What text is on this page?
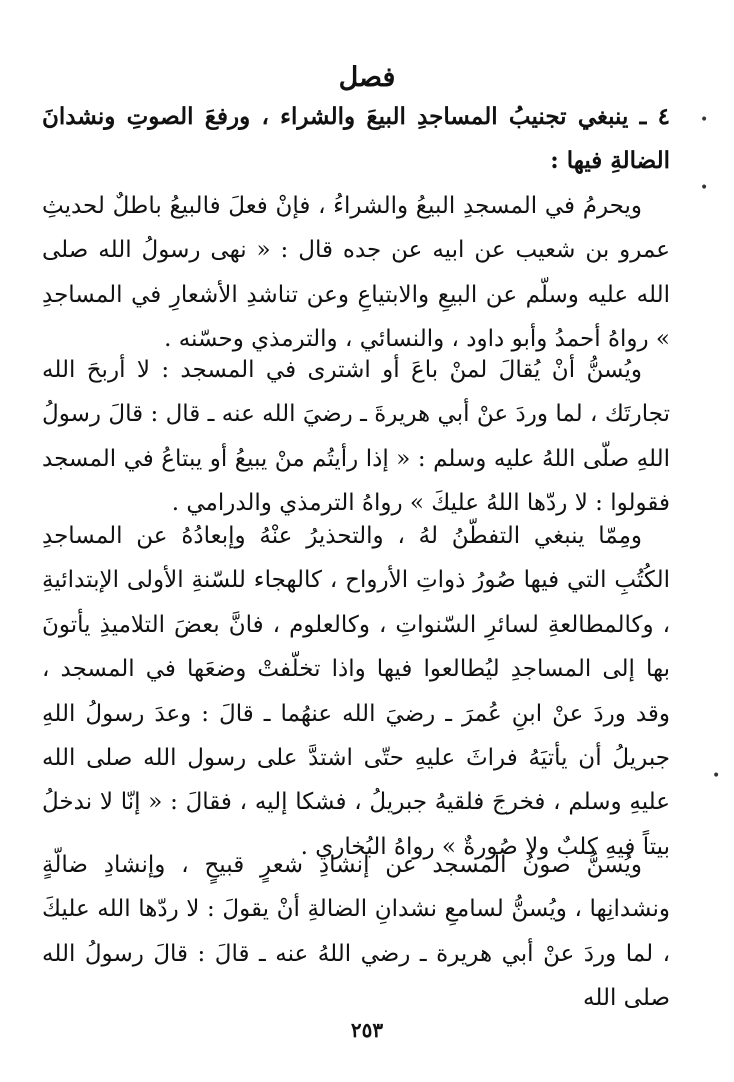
فصل

٤ ـ ينبغي تجنيبُ المساجدِ البيعَ والشراء ، ورفعَ الصوتِ ونشدانَ الضالةِ فيها :

ويحرمُ في المسجدِ البيعُ والشراءُ ، فإنْ فعلَ فالبيعُ باطلٌ لحديثِ عمرو بن شعيب عن ابيه عن جده قال : « نهى رسولُ الله صلى الله عليه وسلّم عن البيعِ والابتياعِ وعن تناشدِ الأشعارِ في المساجدِ » رواهُ أحمدُ وأبو داود ، والنسائي ، والترمذي وحسّنه .

ويُسنُّ أنْ يُقالَ لمنْ باعَ أو اشترى في المسجد : لا أربحَ الله تجارتَك ، لما وردَ عنْ أبي هريرةَ ـ رضيَ الله عنه ـ قال : قالَ رسولُ اللهِ صلّى اللهُ عليه وسلم : « إذا رأيتُم منْ يبيعُ أو يبتاعُ في المسجد فقولوا : لا ردّها اللهُ عليكَ » رواهُ الترمذي والدرامي .

ومِمّا ينبغي التفطّنُ لهُ ، والتحذيرُ عنْهُ وإبعادُهُ عن المساجدِ الكُتُبِ التي فيها صُورُ ذواتِ الأرواح ، كالهجاء للسّنةِ الأولى الإبتدائيةِ ، وكالمطالعةِ لسائرِ السّنواتِ ، وكالعلوم ، فانَّ بعضَ التلاميذِ يأتونَ بها إلى المساجدِ ليُطالعوا فيها واذا تخلّفتْ وضعَها في المسجد ، وقد وردَ عنْ ابنِ عُمرَ ـ رضيَ الله عنهُما ـ قالَ : وعدَ رسولُ اللهِ جبريلُ أن يأتيَهُ فراثَ عليهِ حتّى اشتدَّ على رسول الله صلى الله عليهِ وسلم ، فخرجَ فلقيهُ جبريلُ ، فشكا إليه ، فقالَ : « إنّا لا ندخلُ بيتاً فيهِ كلبٌ ولا صُورةٌ » رواهُ البُخاري .

ويُسنُّ صونُ المسجد عن إنشادِ شعرٍ قبيحٍ ، وإنشادِ ضالّةٍ ونشدانِها ، ويُسنُّ لسامعِ نشدانِ الضالةِ أنْ يقولَ : لا ردّها الله عليكَ ، لما وردَ عنْ أبي هريرة ـ رضي اللهُ عنه ـ قالَ : قالَ رسولُ الله صلى الله

٢٥٣
•
•
•
